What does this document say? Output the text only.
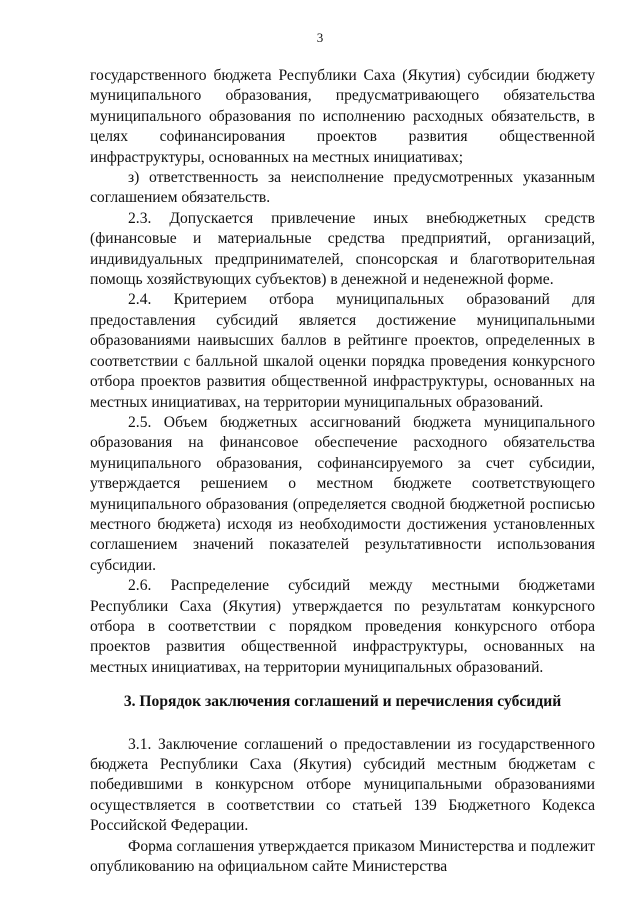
3

государственного бюджета Республики Саха (Якутия) субсидии бюджету муниципального образования, предусматривающего обязательства муниципального образования по исполнению расходных обязательств, в целях софинансирования проектов развития общественной инфраструктуры, основанных на местных инициативах;

з) ответственность за неисполнение предусмотренных указанным соглашением обязательств.

2.3. Допускается привлечение иных внебюджетных средств (финансовые и материальные средства предприятий, организаций, индивидуальных предпринимателей, спонсорская и благотворительная помощь хозяйствующих субъектов) в денежной и неденежной форме.

2.4. Критерием отбора муниципальных образований для предоставления субсидий является достижение муниципальными образованиями наивысших баллов в рейтинге проектов, определенных в соответствии с балльной шкалой оценки порядка проведения конкурсного отбора проектов развития общественной инфраструктуры, основанных на местных инициативах, на территории муниципальных образований.

2.5. Объем бюджетных ассигнований бюджета муниципального образования на финансовое обеспечение расходного обязательства муниципального образования, софинансируемого за счет субсидии, утверждается решением о местном бюджете соответствующего муниципального образования (определяется сводной бюджетной росписью местного бюджета) исходя из необходимости достижения установленных соглашением значений показателей результативности использования субсидии.

2.6. Распределение субсидий между местными бюджетами Республики Саха (Якутия) утверждается по результатам конкурсного отбора в соответствии с порядком проведения конкурсного отбора проектов развития общественной инфраструктуры, основанных на местных инициативах, на территории муниципальных образований.

3. Порядок заключения соглашений и перечисления субсидий

3.1. Заключение соглашений о предоставлении из государственного бюджета Республики Саха (Якутия) субсидий местным бюджетам с победившими в конкурсном отборе муниципальными образованиями осуществляется в соответствии со статьей 139 Бюджетного Кодекса Российской Федерации.

Форма соглашения утверждается приказом Министерства и подлежит опубликованию на официальном сайте Министерства
